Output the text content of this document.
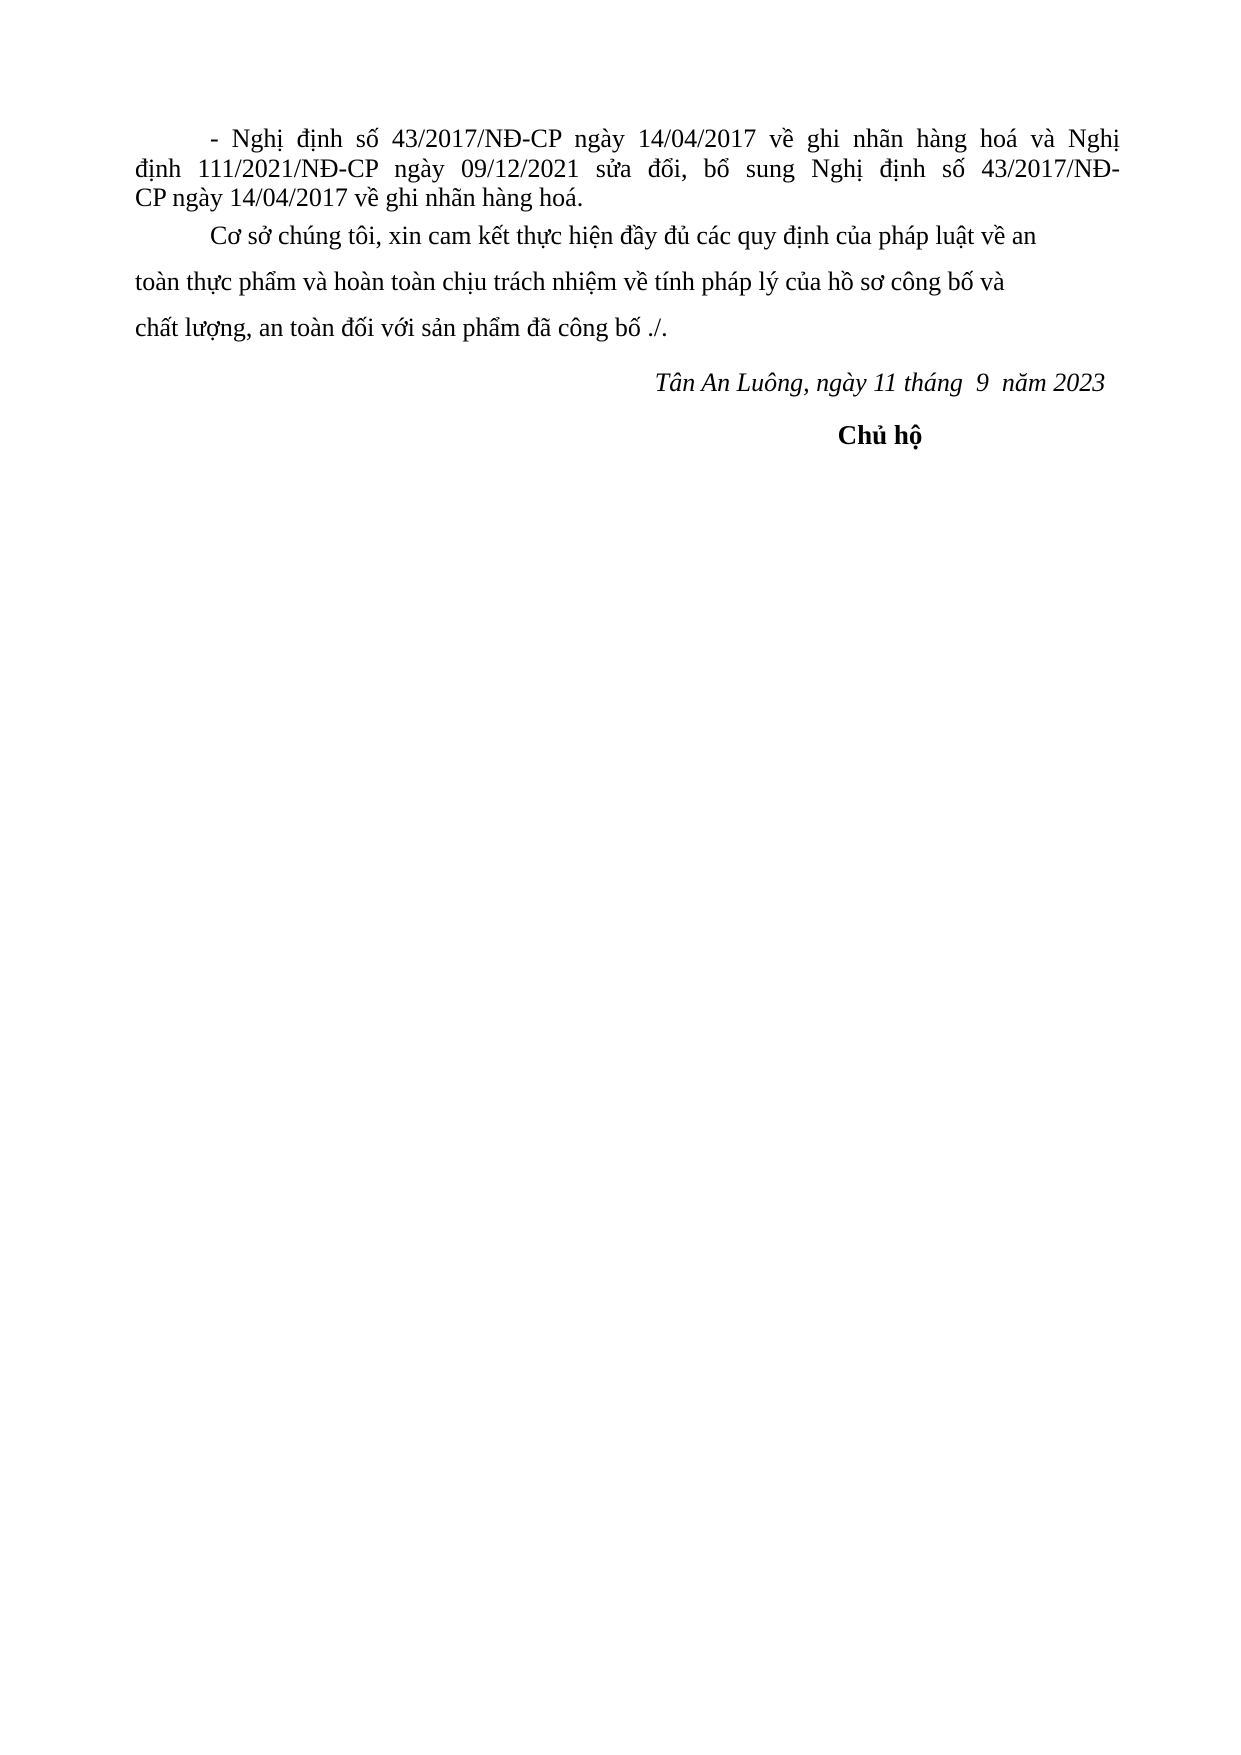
- Nghị định số 43/2017/NĐ-CP ngày 14/04/2017 về ghi nhãn hàng hoá và Nghị
định 111/2021/NĐ-CP ngày 09/12/2021 sửa đổi, bổ sung Nghị định số 43/2017/NĐ-
CP ngày 14/04/2017 về ghi nhãn hàng hoá.
Cơ sở chúng tôi, xin cam kết thực hiện đầy đủ các quy định của pháp luật về an
toàn thực phẩm và hoàn toàn chịu trách nhiệm về tính pháp lý của hồ sơ công bố và
chất lượng, an toàn đối với sản phẩm đã công bố ./.
Tân An Luông, ngày 11 tháng  9  năm 2023
Chủ hộ
